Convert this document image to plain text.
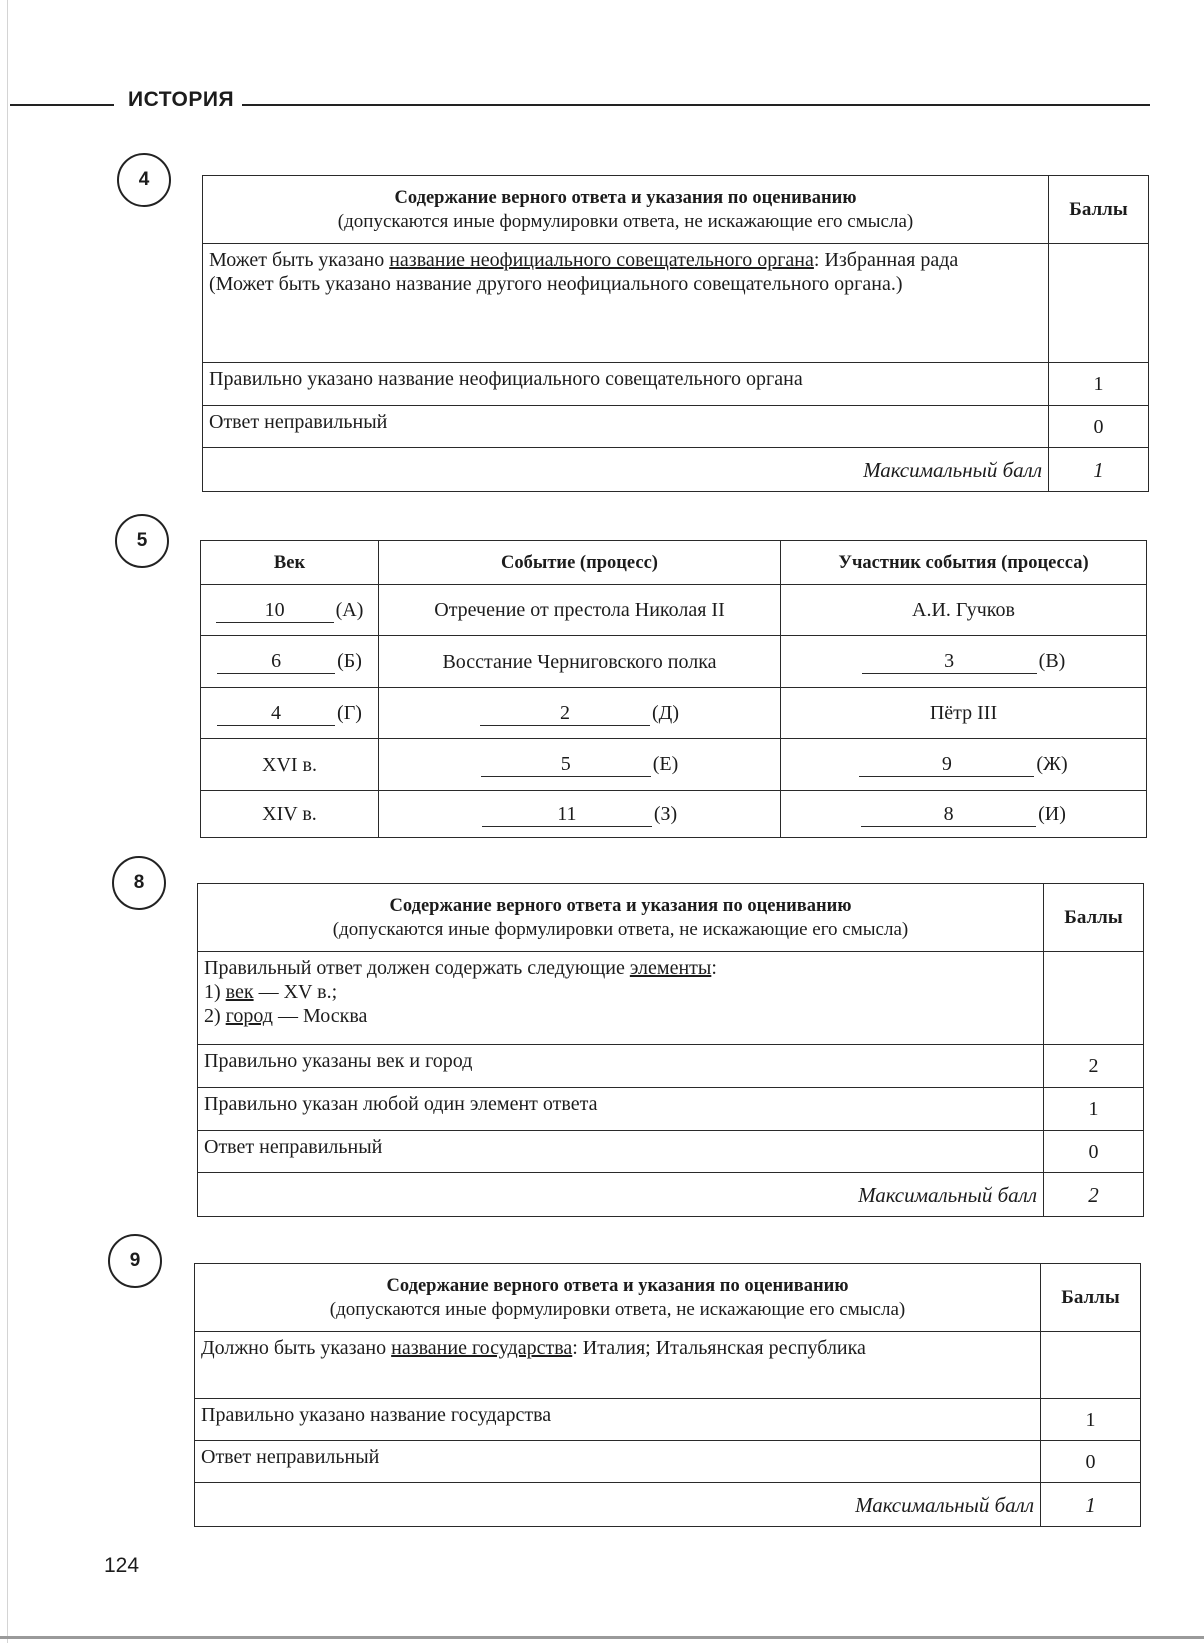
ИСТОРИЯ
4
Содержание верного ответа и указания по оцениванию
(допускаются иные формулировки ответа, не искажающие его смысла)	Баллы
Может быть указано название неофициального совещательного органа: Избранная рада
(Может быть указано название другого неофициального совещательного органа.)	
Правильно указано название неофициального совещательного органа	1
Ответ неправильный	0
Максимальный балл	1
5
Век	Событие (процесс)	Участник события (процесса)
10 (А)	Отречение от престола Николая II	А.И. Гучков
6 (Б)	Восстание Черниговского полка	3 (В)
4 (Г)	2 (Д)	Пётр III
XVI в.	5 (Е)	9 (Ж)
XIV в.	11 (З)	8 (И)
8
Содержание верного ответа и указания по оцениванию
(допускаются иные формулировки ответа, не искажающие его смысла)	Баллы
Правильный ответ должен содержать следующие элементы:
1) век — XV в.;
2) город — Москва	
Правильно указаны век и город	2
Правильно указан любой один элемент ответа	1
Ответ неправильный	0
Максимальный балл	2
9
Содержание верного ответа и указания по оцениванию
(допускаются иные формулировки ответа, не искажающие его смысла)	Баллы
Должно быть указано название государства: Италия; Итальянская республика	
Правильно указано название государства	1
Ответ неправильный	0
Максимальный балл	1
124
